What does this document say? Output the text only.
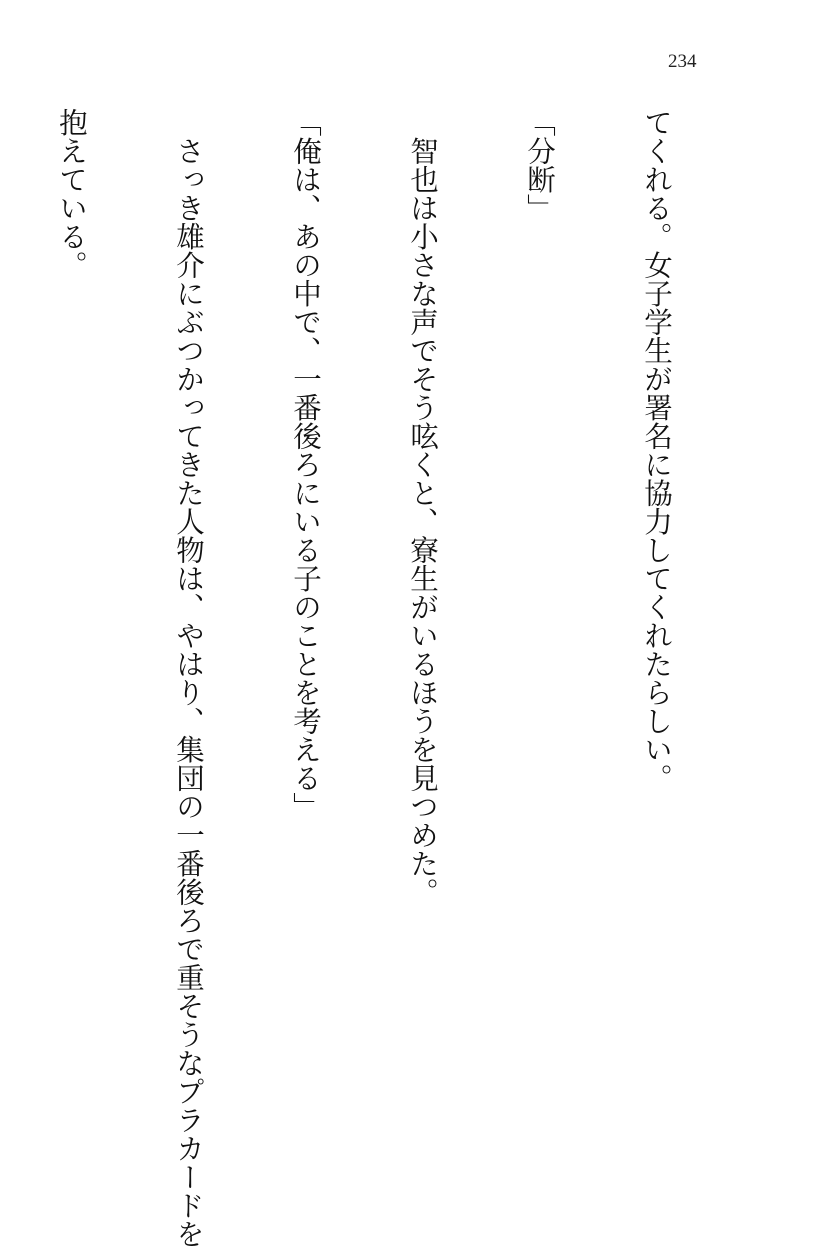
234

てくれる。女子学生が署名に協力してくれたらしい。

「分断」

　智也は小さな声でそう呟くと、寮生がいるほうを見つめた。

「俺は、あの中で、一番後ろにいる子のことを考える」

　さっき雄介にぶつかってきた人物は、やはり、集団の一番後ろで重そうなプラカードを

抱えている。
